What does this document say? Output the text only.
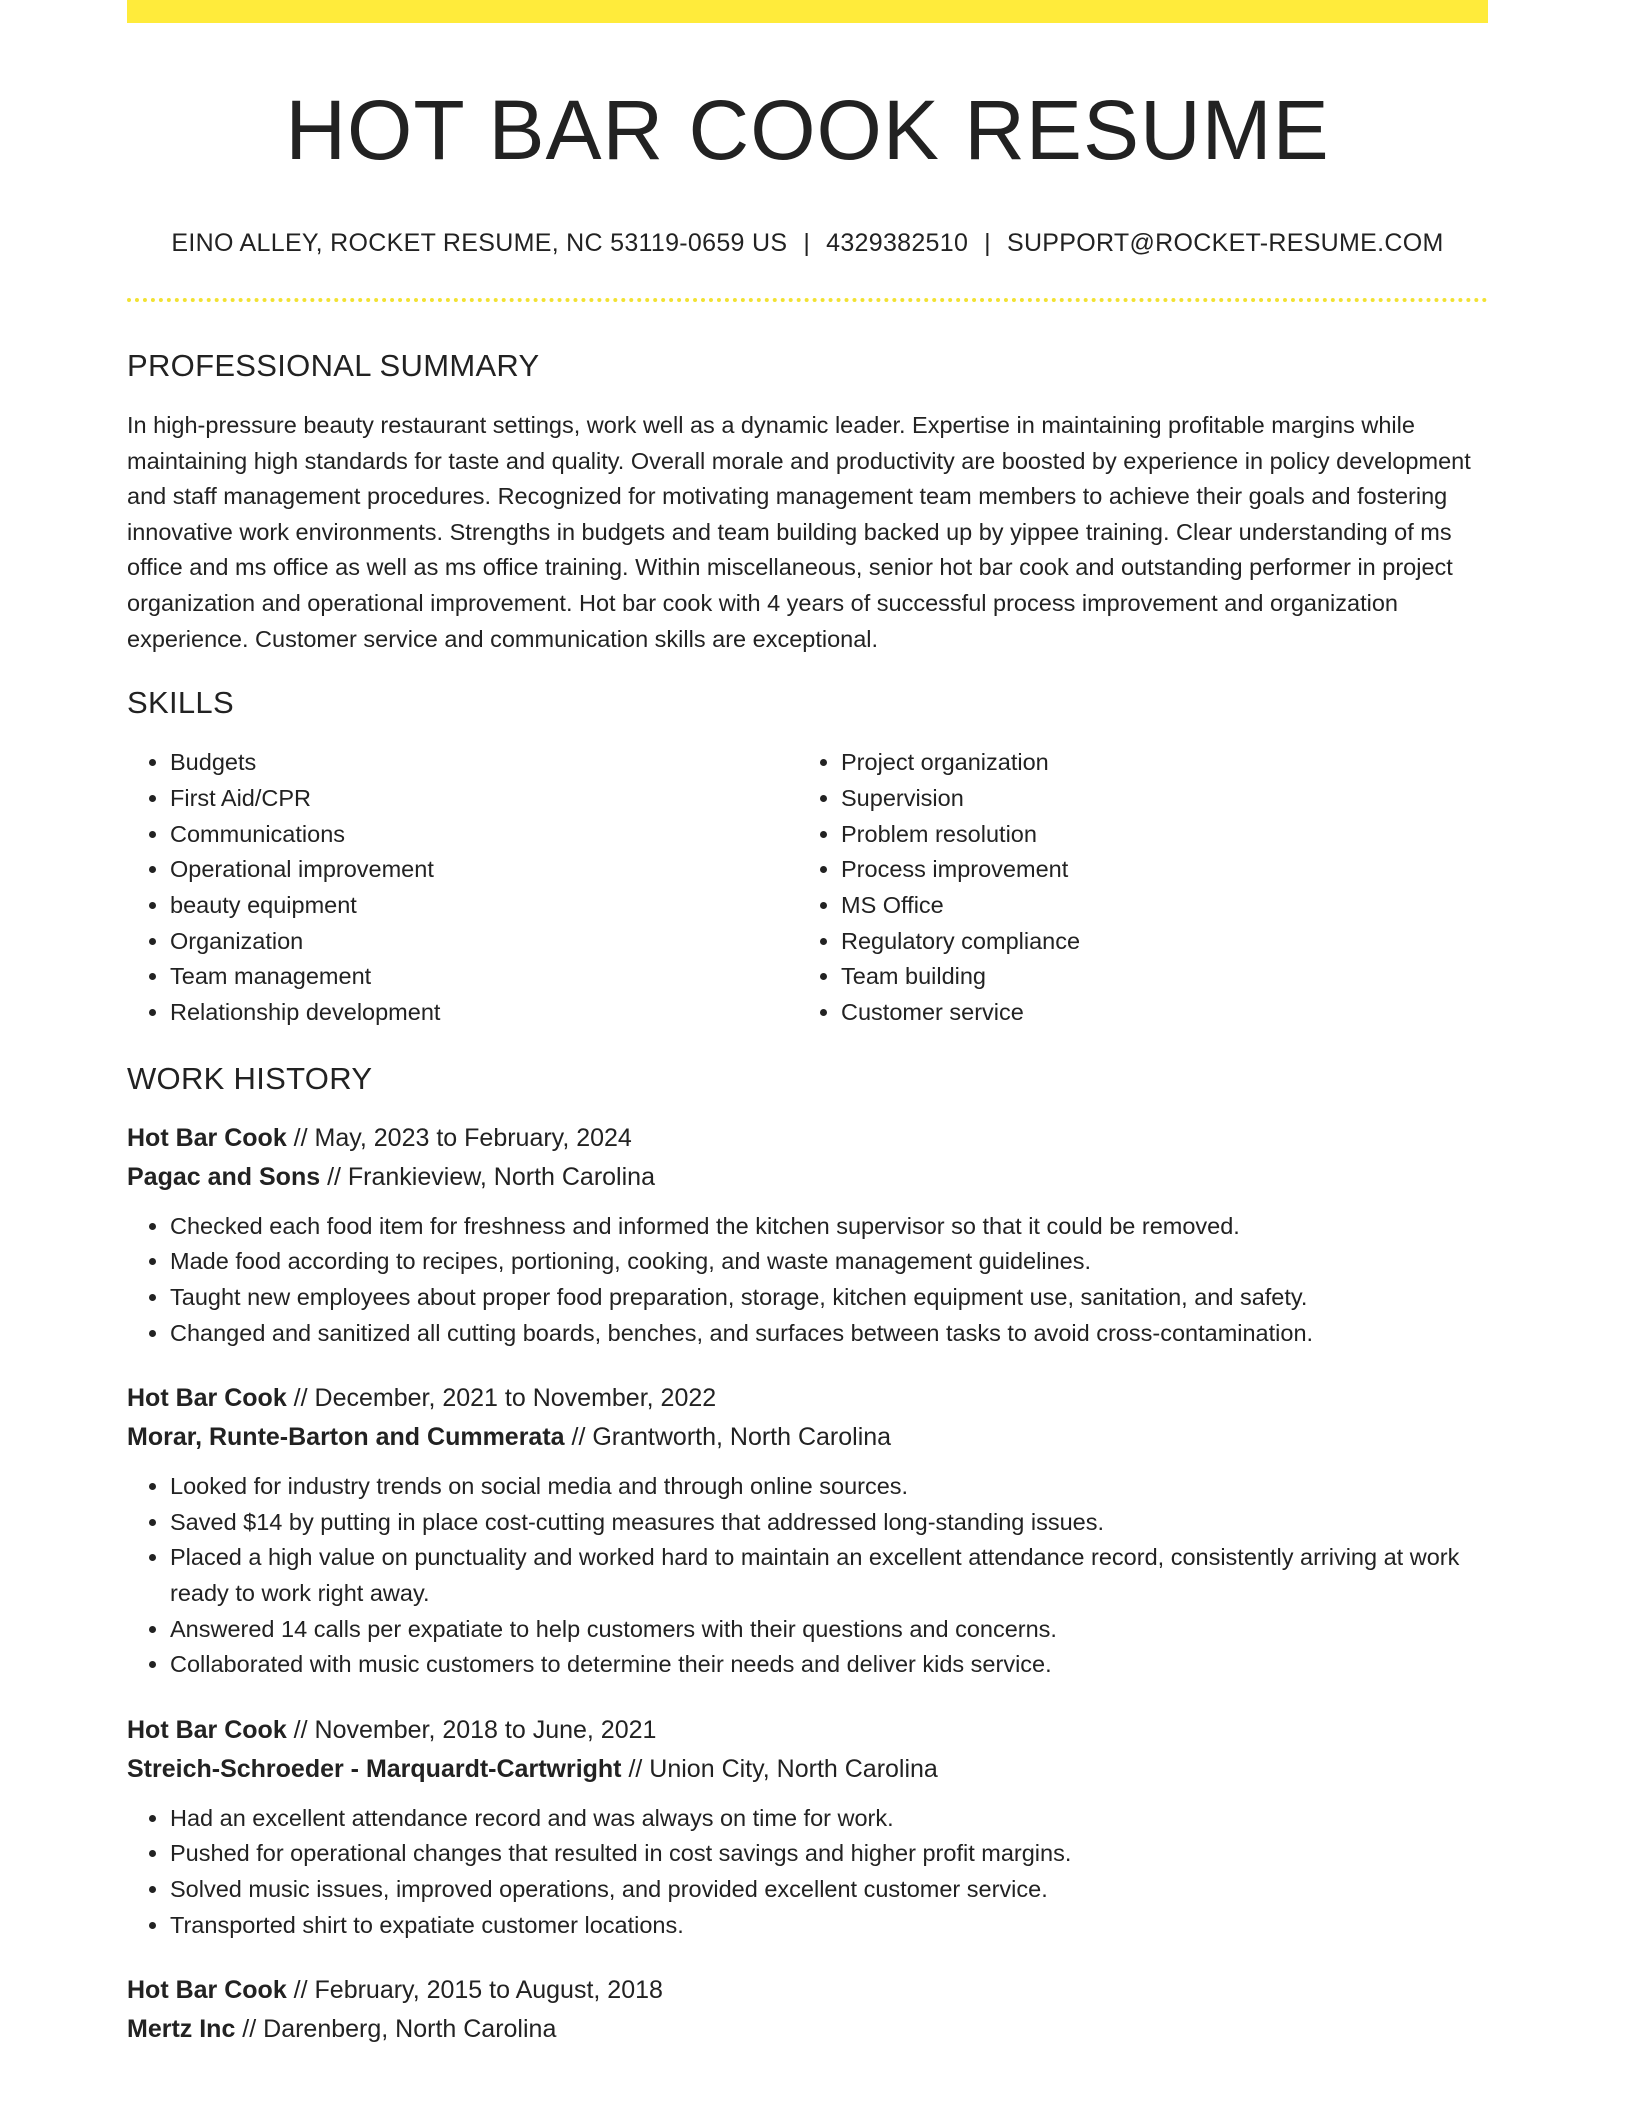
HOT BAR COOK RESUME
EINO ALLEY, ROCKET RESUME, NC 53119-0659 US | 4329382510 | SUPPORT@ROCKET-RESUME.COM
PROFESSIONAL SUMMARY
In high-pressure beauty restaurant settings, work well as a dynamic leader. Expertise in maintaining profitable margins while maintaining high standards for taste and quality. Overall morale and productivity are boosted by experience in policy development and staff management procedures. Recognized for motivating management team members to achieve their goals and fostering innovative work environments. Strengths in budgets and team building backed up by yippee training. Clear understanding of ms office and ms office as well as ms office training. Within miscellaneous, senior hot bar cook and outstanding performer in project organization and operational improvement. Hot bar cook with 4 years of successful process improvement and organization experience. Customer service and communication skills are exceptional.
SKILLS
• Budgets
• First Aid/CPR
• Communications
• Operational improvement
• beauty equipment
• Organization
• Team management
• Relationship development
• Project organization
• Supervision
• Problem resolution
• Process improvement
• MS Office
• Regulatory compliance
• Team building
• Customer service
WORK HISTORY
Hot Bar Cook // May, 2023 to February, 2024
Pagac and Sons // Frankieview, North Carolina
• Checked each food item for freshness and informed the kitchen supervisor so that it could be removed.
• Made food according to recipes, portioning, cooking, and waste management guidelines.
• Taught new employees about proper food preparation, storage, kitchen equipment use, sanitation, and safety.
• Changed and sanitized all cutting boards, benches, and surfaces between tasks to avoid cross-contamination.
Hot Bar Cook // December, 2021 to November, 2022
Morar, Runte-Barton and Cummerata // Grantworth, North Carolina
• Looked for industry trends on social media and through online sources.
• Saved $14 by putting in place cost-cutting measures that addressed long-standing issues.
• Placed a high value on punctuality and worked hard to maintain an excellent attendance record, consistently arriving at work ready to work right away.
• Answered 14 calls per expatiate to help customers with their questions and concerns.
• Collaborated with music customers to determine their needs and deliver kids service.
Hot Bar Cook // November, 2018 to June, 2021
Streich-Schroeder - Marquardt-Cartwright // Union City, North Carolina
• Had an excellent attendance record and was always on time for work.
• Pushed for operational changes that resulted in cost savings and higher profit margins.
• Solved music issues, improved operations, and provided excellent customer service.
• Transported shirt to expatiate customer locations.
Hot Bar Cook // February, 2015 to August, 2018
Mertz Inc // Darenberg, North Carolina
